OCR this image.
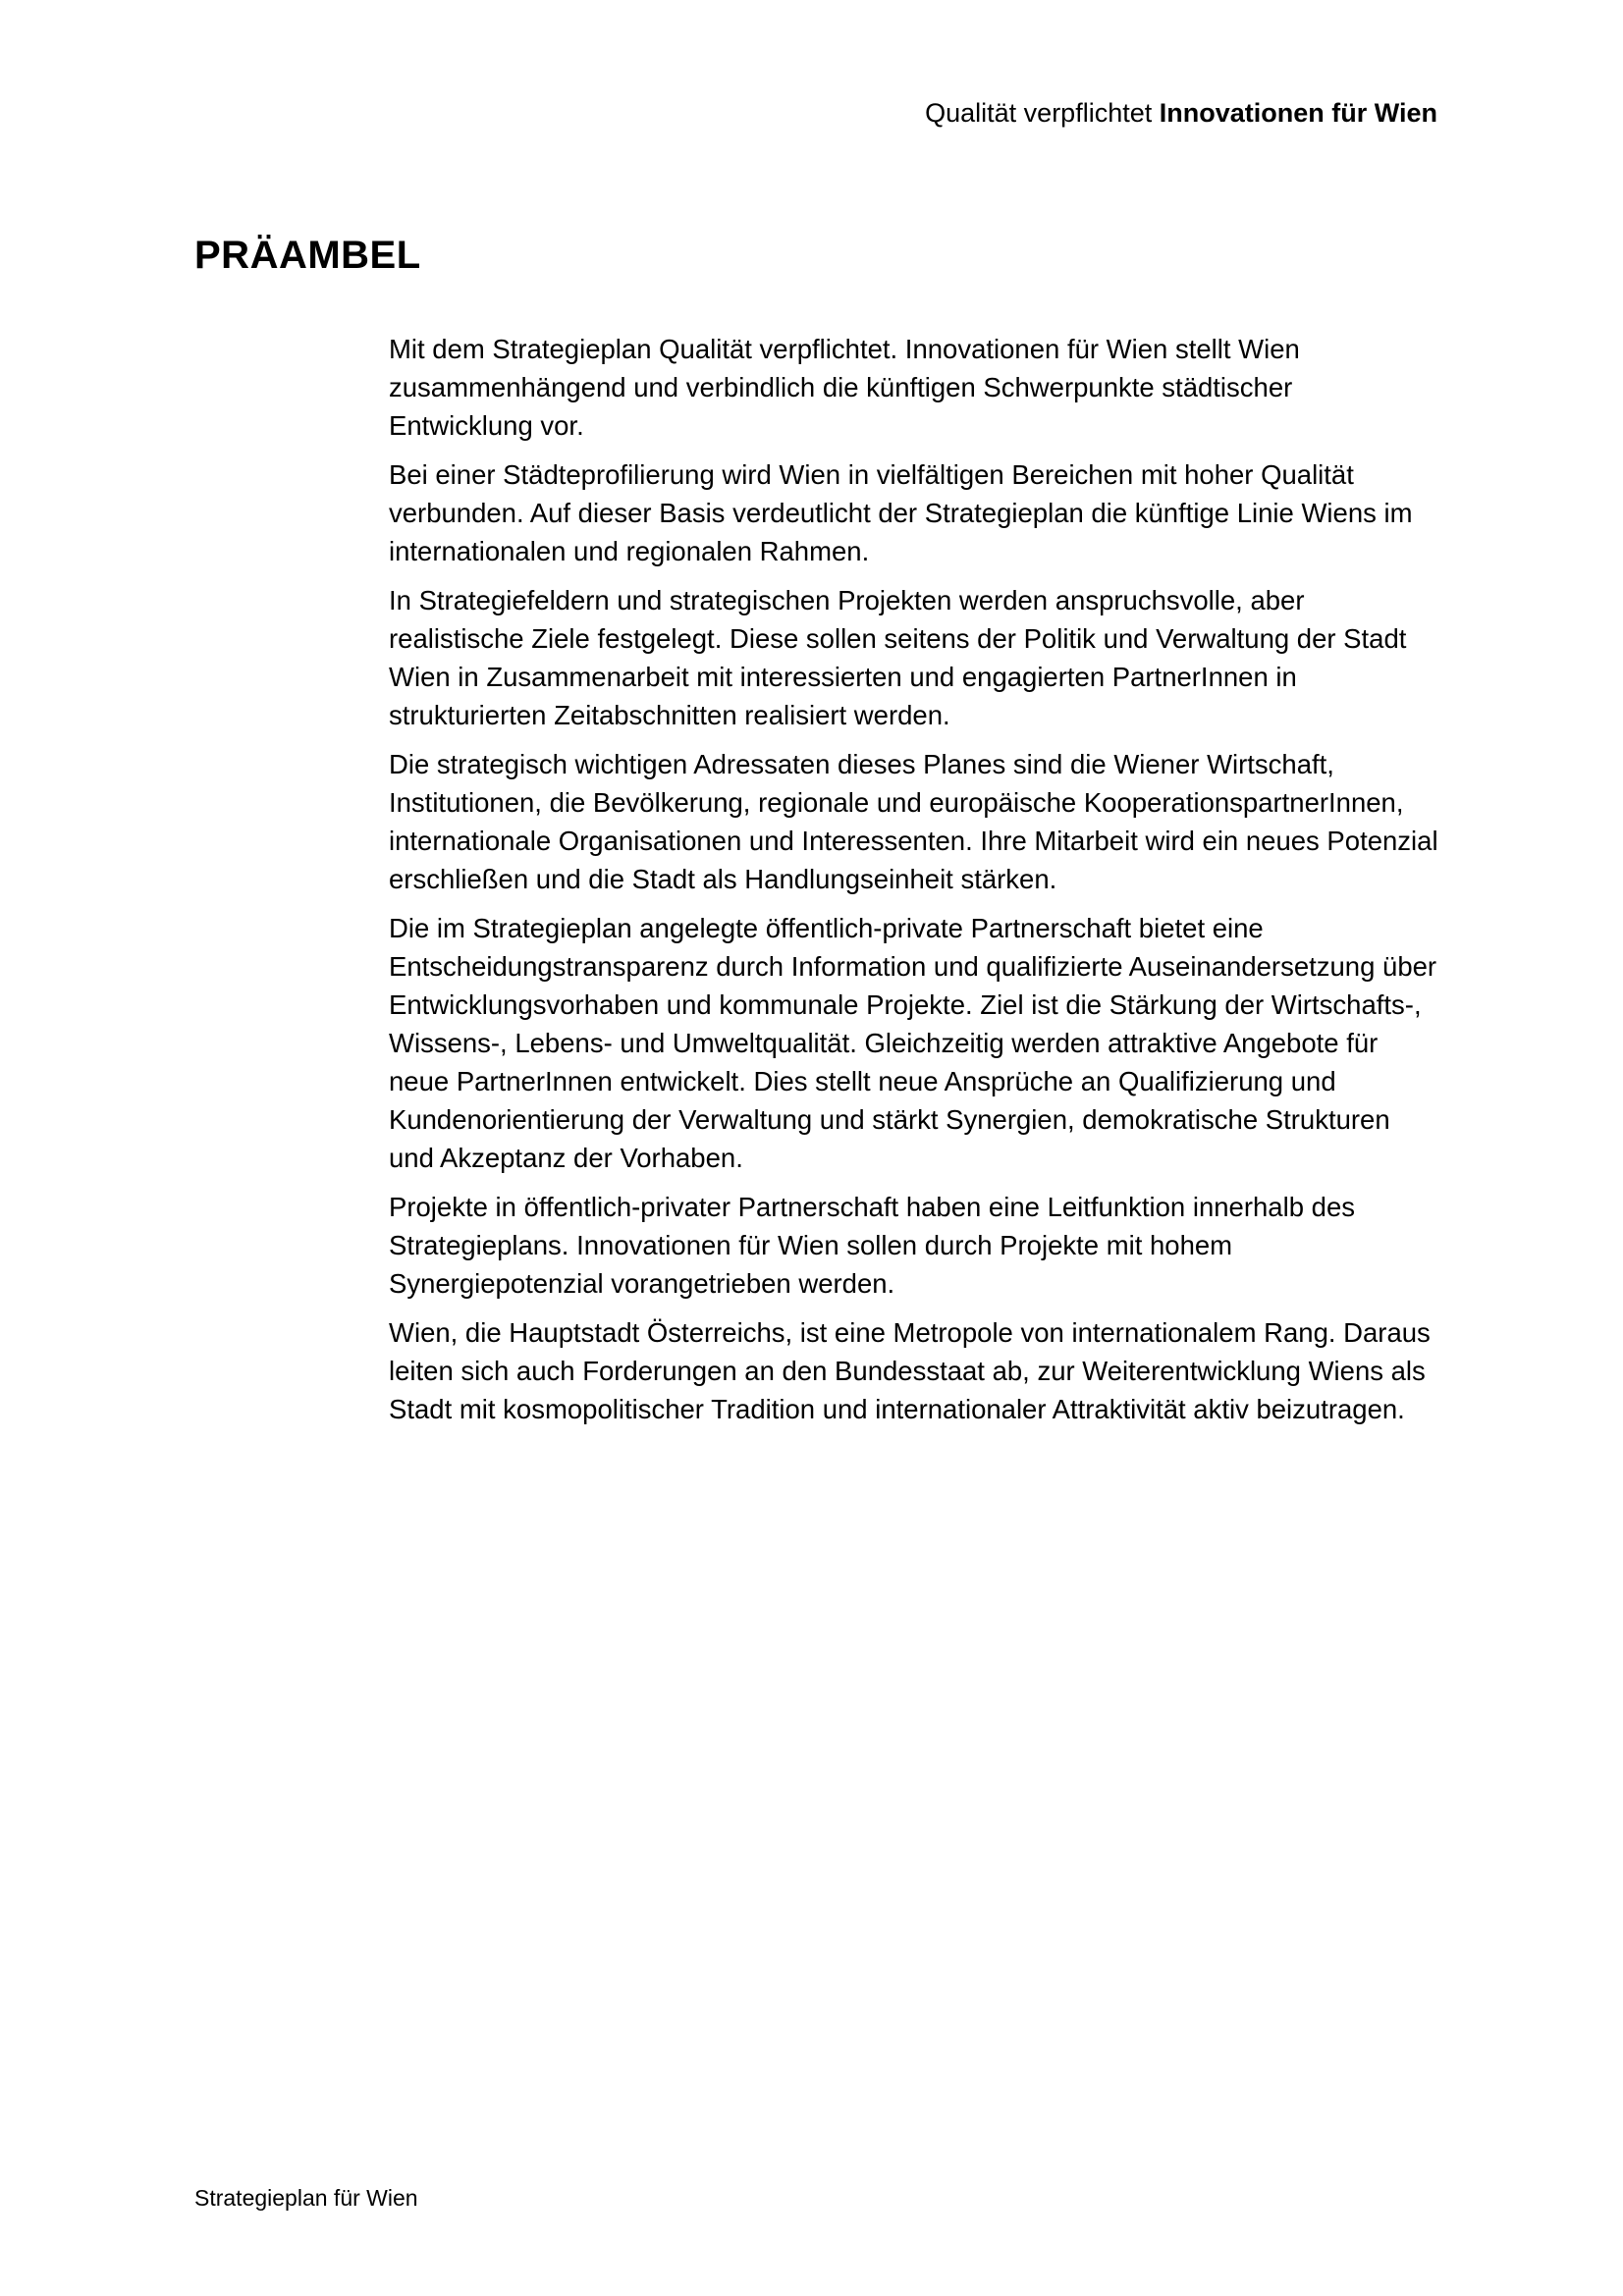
Qualität verpflichtet Innovationen für Wien
PRÄAMBEL

Mit dem Strategieplan Qualität verpflichtet. Innovationen für Wien stellt Wien zusammenhängend und verbindlich die künftigen Schwerpunkte städtischer Entwicklung vor.

Bei einer Städteprofilierung wird Wien in vielfältigen Bereichen mit hoher Qualität verbunden. Auf dieser Basis verdeutlicht der Strategieplan die künftige Linie Wiens im internationalen und regionalen Rahmen.

In Strategiefeldern und strategischen Projekten werden anspruchsvolle, aber realistische Ziele festgelegt. Diese sollen seitens der Politik und Verwaltung der Stadt Wien in Zusammenarbeit mit interessierten und engagierten PartnerInnen in strukturierten Zeitabschnitten realisiert werden.

Die strategisch wichtigen Adressaten dieses Planes sind die Wiener Wirtschaft, Institutionen, die Bevölkerung, regionale und europäische KooperationspartnerInnen, internationale Organisationen und Interessenten. Ihre Mitarbeit wird ein neues Potenzial erschließen und die Stadt als Handlungseinheit stärken.

Die im Strategieplan angelegte öffentlich-private Partnerschaft bietet eine Entscheidungstransparenz durch Information und qualifizierte Auseinandersetzung über Entwicklungsvorhaben und kommunale Projekte. Ziel ist die Stärkung der Wirtschafts-, Wissens-, Lebens- und Umweltqualität. Gleichzeitig werden attraktive Angebote für neue PartnerInnen entwickelt. Dies stellt neue Ansprüche an Qualifizierung und Kundenorientierung der Verwaltung und stärkt Synergien, demokratische Strukturen und Akzeptanz der Vorhaben.

Projekte in öffentlich-privater Partnerschaft haben eine Leitfunktion innerhalb des Strategieplans. Innovationen für Wien sollen durch Projekte mit hohem Synergiepotenzial vorangetrieben werden.

Wien, die Hauptstadt Österreichs, ist eine Metropole von internationalem Rang. Daraus leiten sich auch Forderungen an den Bundesstaat ab, zur Weiterentwicklung Wiens als Stadt mit kosmopolitischer Tradition und internationaler Attraktivität aktiv beizutragen.

Strategieplan für Wien
